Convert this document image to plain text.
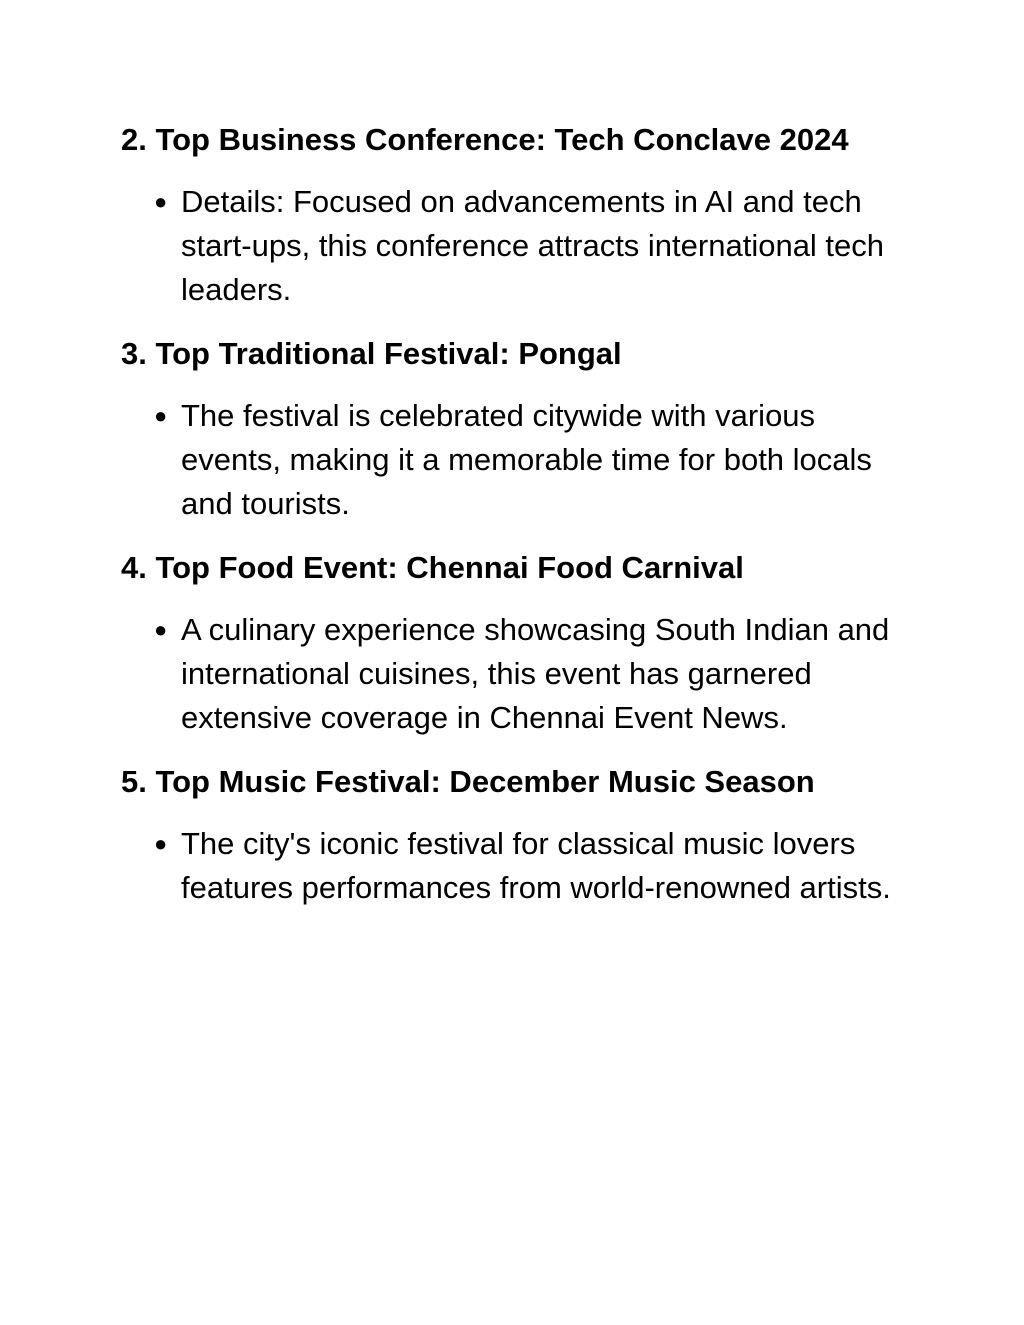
2. Top Business Conference: Tech Conclave 2024
● Details: Focused on advancements in AI and tech start-ups, this conference attracts international tech leaders.
3. Top Traditional Festival: Pongal
● The festival is celebrated citywide with various events, making it a memorable time for both locals and tourists.
4. Top Food Event: Chennai Food Carnival
● A culinary experience showcasing South Indian and international cuisines, this event has garnered extensive coverage in Chennai Event News.
5. Top Music Festival: December Music Season
● The city's iconic festival for classical music lovers features performances from world-renowned artists.
